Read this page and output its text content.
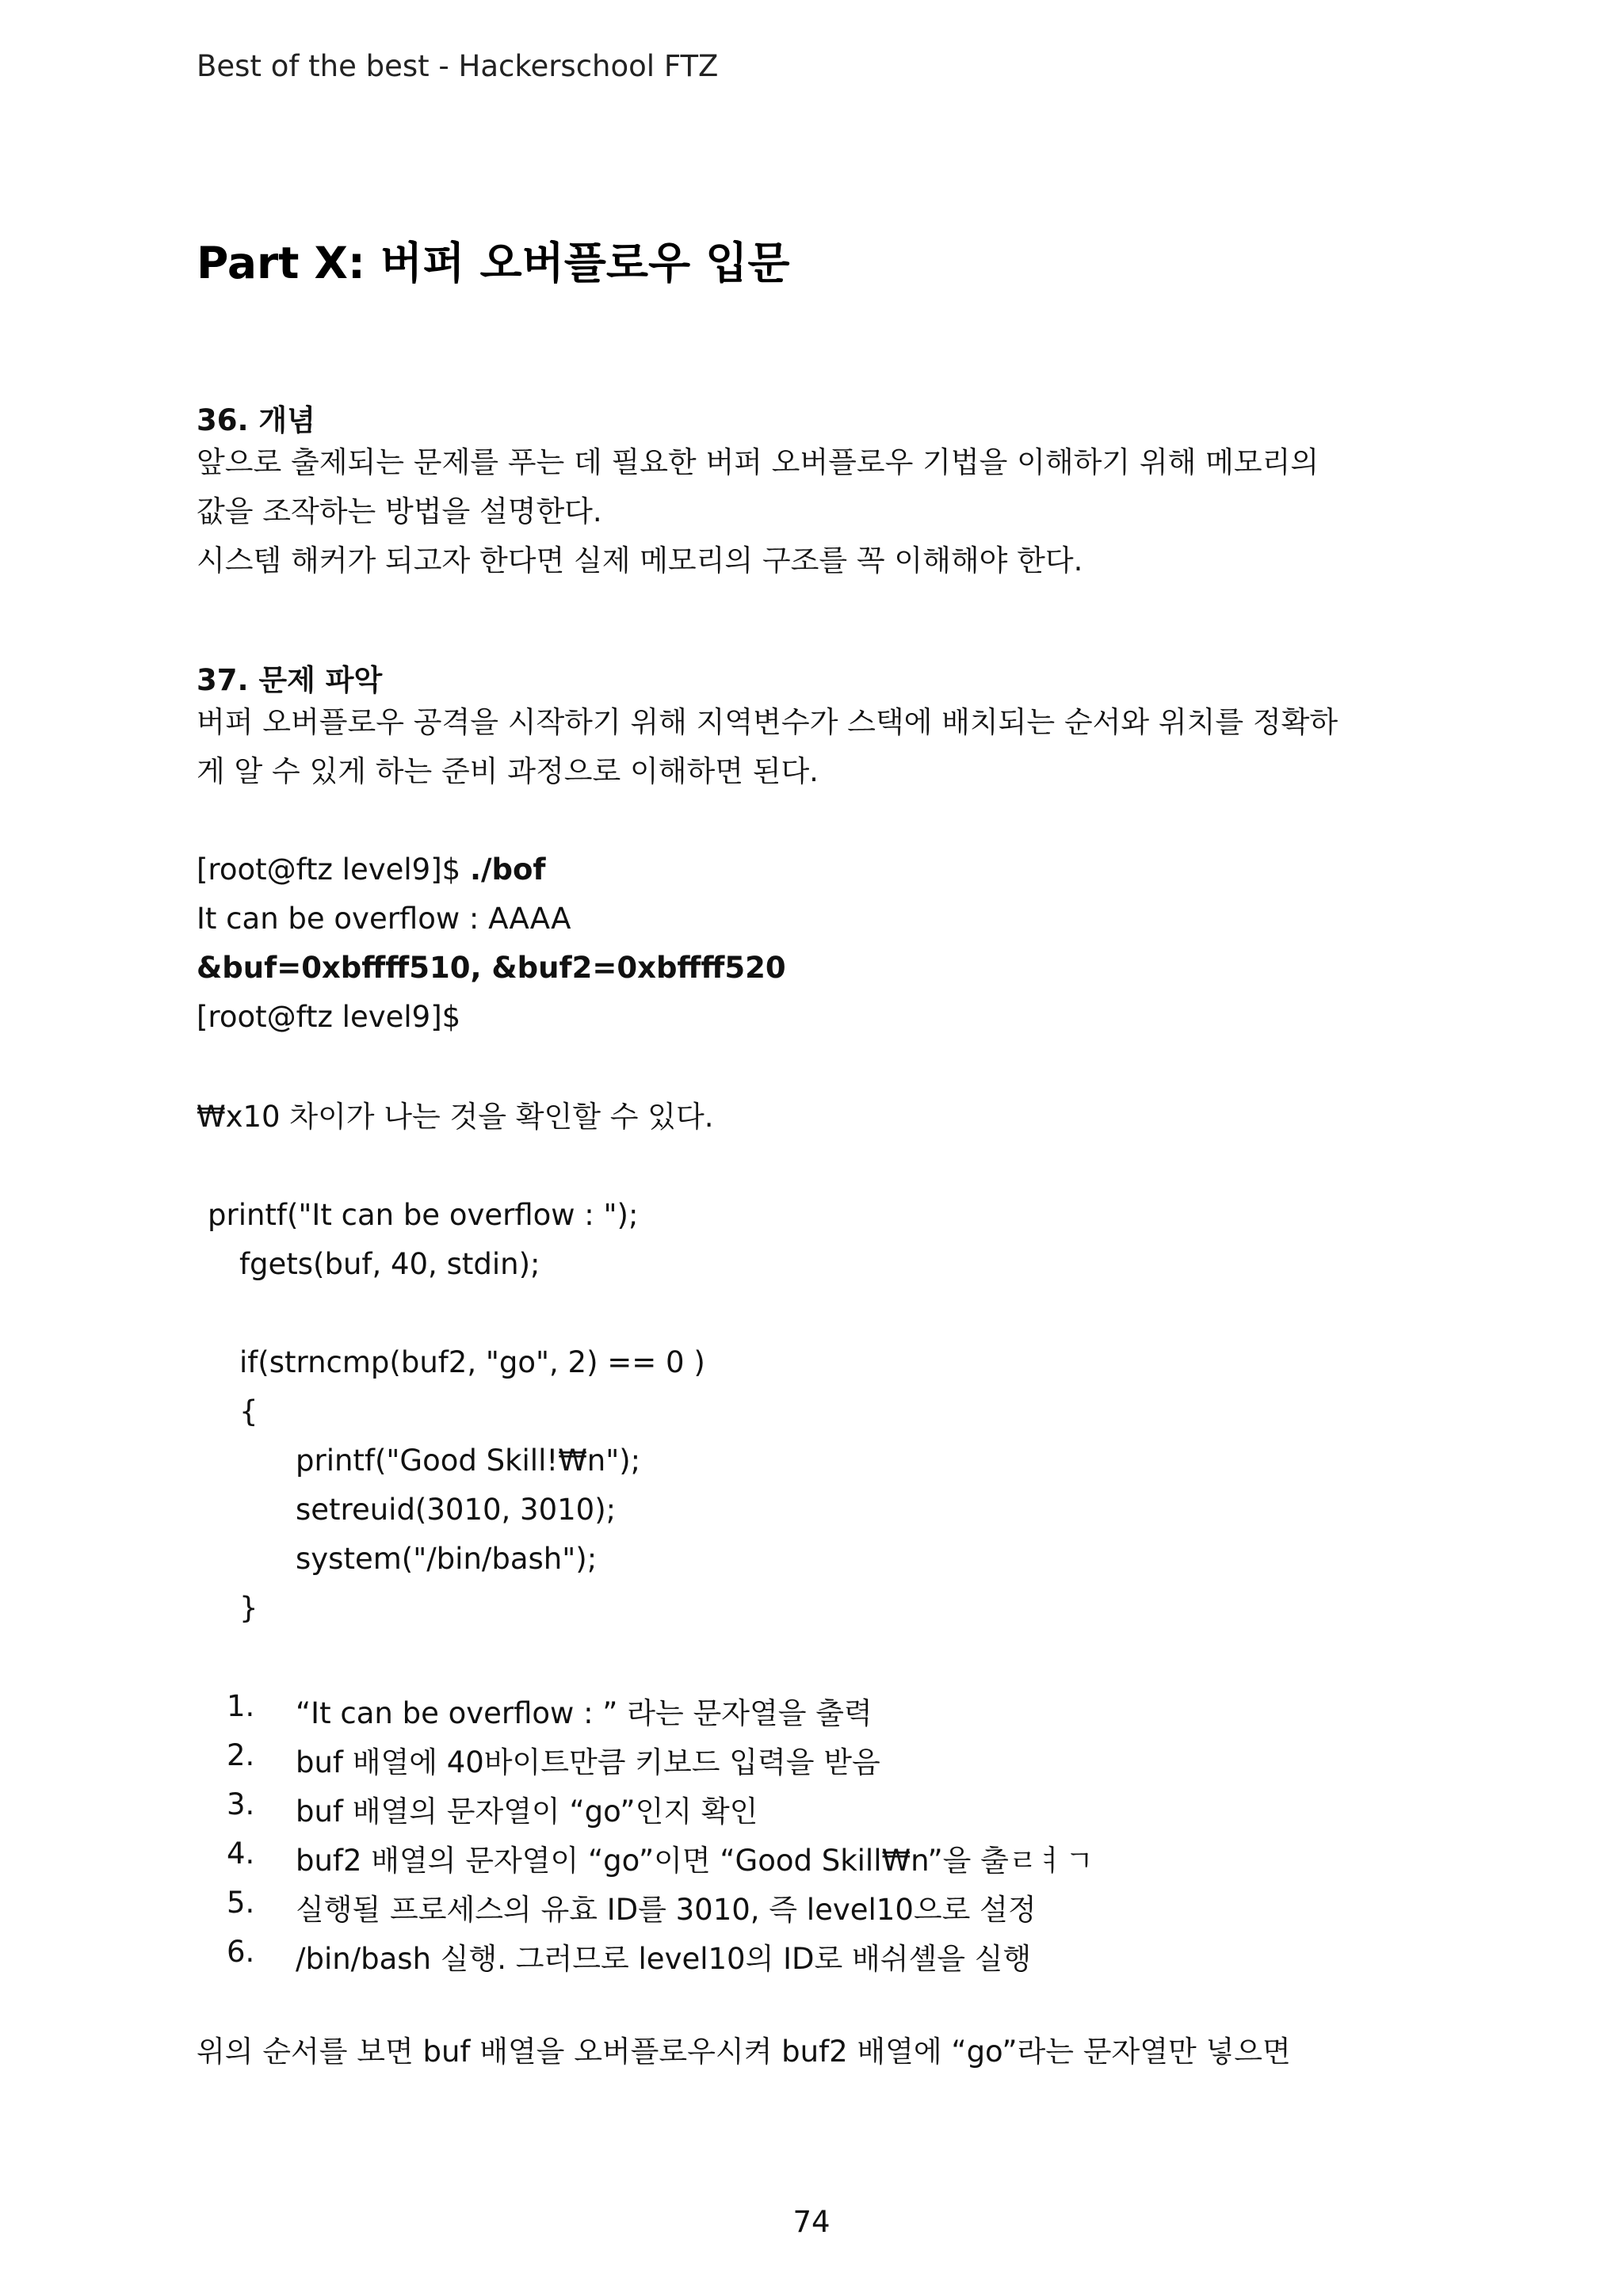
Best of the best - Hackerschool FTZ
Part X: 버퍼 오버플로우 입문
36. 개념
앞으로 출제되는 문제를 푸는 데 필요한 버퍼 오버플로우 기법을 이해하기 위해 메모리의
값을 조작하는 방법을 설명한다.
시스템 해커가 되고자 한다면 실제 메모리의 구조를 꼭 이해해야 한다.
37. 문제 파악
버퍼 오버플로우 공격을 시작하기 위해 지역변수가 스택에 배치되는 순서와 위치를 정확하
게 알 수 있게 하는 준비 과정으로 이해하면 된다.
[root@ftz level9]$ ./bof
It can be overflow : AAAA
&buf=0xbffff510, &buf2=0xbffff520
[root@ftz level9]$
₩x10 차이가 나는 것을 확인할 수 있다.
printf("It can be overflow : ");
fgets(buf, 40, stdin);
if(strncmp(buf2, "go", 2) == 0 )
{
printf("Good Skill!₩n");
setreuid(3010, 3010);
system("/bin/bash");
}
1. “It can be overflow : ” 라는 문자열을 출력
2. buf 배열에 40바이트만큼 키보드 입력을 받음
3. buf 배열의 문자열이 “go”인지 확인
4. buf2 배열의 문자열이 “go”이면 “Good Skill₩n”을 출ㄹㅕㄱ
5. 실행될 프로세스의 유효 ID를 3010, 즉 level10으로 설정
6. /bin/bash 실행. 그러므로 level10의 ID로 배쉬셸을 실행
위의 순서를 보면 buf 배열을 오버플로우시켜 buf2 배열에 “go”라는 문자열만 넣으면
74
